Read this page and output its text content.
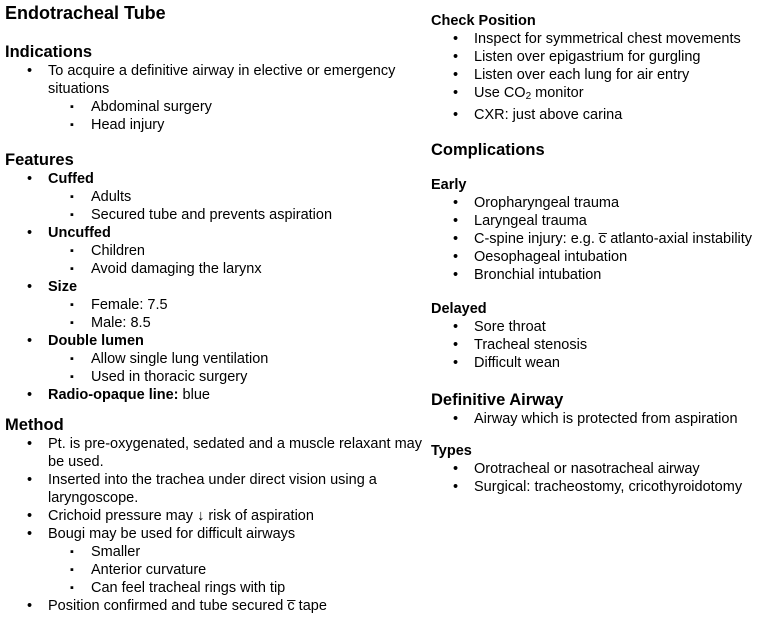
Endotracheal Tube
Indications
• To acquire a definitive airway in elective or emergency situations
▪ Abdominal surgery
▪ Head injury
Features
• Cuffed
▪ Adults
▪ Secured tube and prevents aspiration
• Uncuffed
▪ Children
▪ Avoid damaging the larynx
• Size
▪ Female: 7.5
▪ Male: 8.5
• Double lumen
▪ Allow single lung ventilation
▪ Used in thoracic surgery
• Radio-opaque line: blue
Method
• Pt. is pre-oxygenated, sedated and a muscle relaxant may be used.
• Inserted into the trachea under direct vision using a laryngoscope.
• Crichoid pressure may ↓ risk of aspiration
• Bougi may be used for difficult airways
▪ Smaller
▪ Anterior curvature
▪ Can feel tracheal rings with tip
• Position confirmed and tube secured c̅ tape
Check Position
• Inspect for symmetrical chest movements
• Listen over epigastrium for gurgling
• Listen over each lung for air entry
• Use $CO_2$ monitor
• CXR: just above carina
Complications
Early
• Oropharyngeal trauma
• Laryngeal trauma
• C-spine injury: e.g. c̅ atlanto-axial instability
• Oesophageal intubation
• Bronchial intubation
Delayed
• Sore throat
• Tracheal stenosis
• Difficult wean
Definitive Airway
• Airway which is protected from aspiration
Types
• Orotracheal or nasotracheal airway
• Surgical: tracheostomy, cricothyroidotomy
